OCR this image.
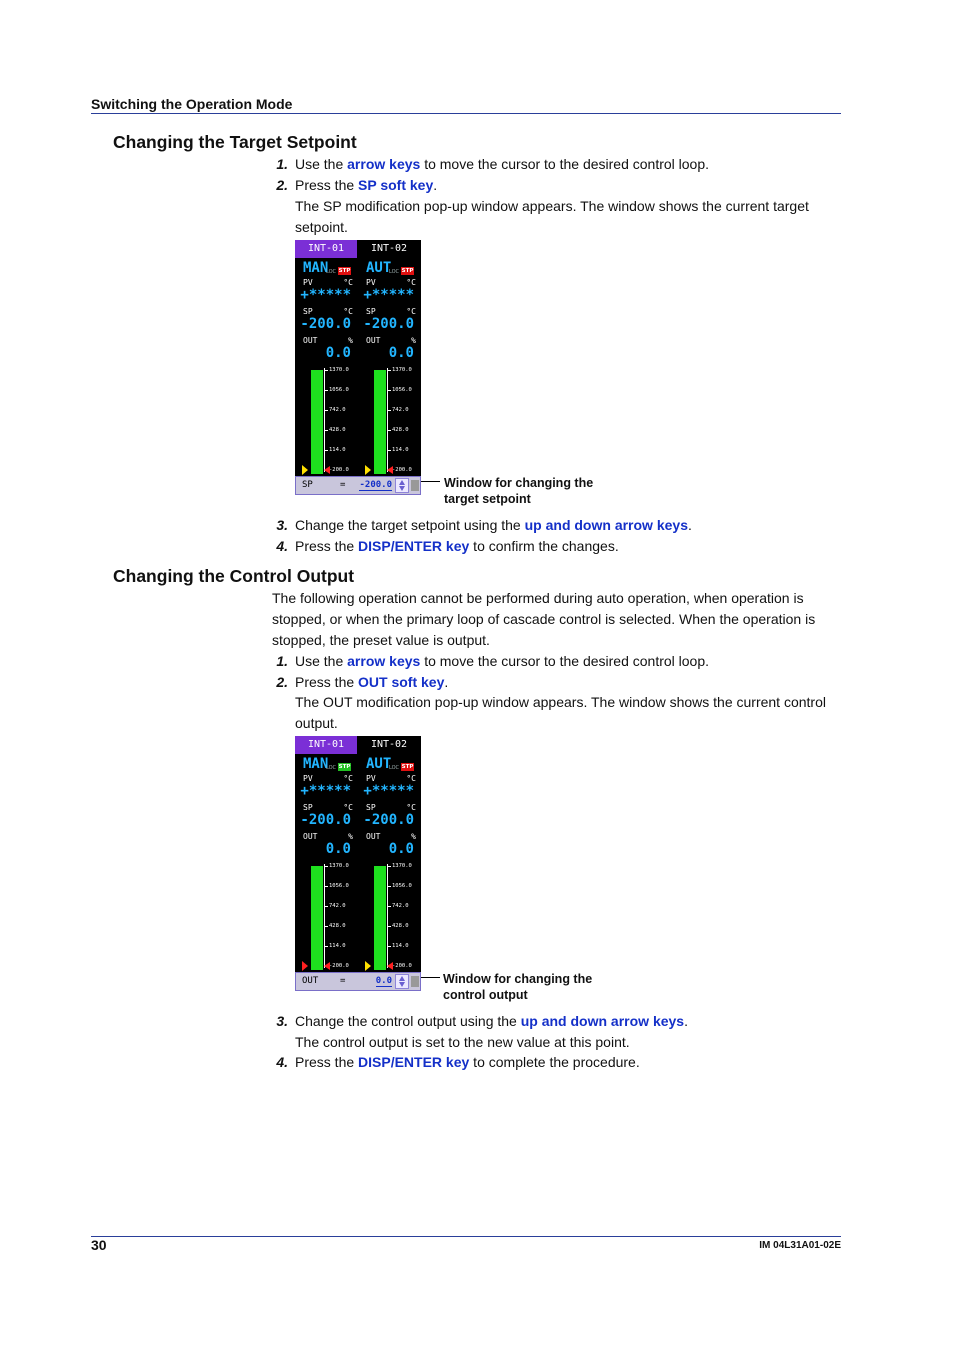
Switching the Operation Mode
Changing the Target Setpoint
1. Use the arrow keys to move the cursor to the desired control loop.
2. Press the SP soft key.
The SP modification pop-up window appears. The window shows the current target setpoint.
INT-01
MAN
LOC STP
PV	°C
+*****
SP	°C
-200.0
OUT	%
0.0
1370.0
1056.0
742.0
428.0
114.0
-200.0
INT-02
AUT
LOC STP
PV	°C
+*****
SP	°C
-200.0
OUT	%
0.0
1370.0
1056.0
742.0
428.0
114.0
-200.0
SP	= -200.0	Window for changing the
target setpoint
3. Change the target setpoint using the up and down arrow keys.
4. Press the DISP/ENTER key to confirm the changes.
Changing the Control Output
The following operation cannot be performed during auto operation, when operation is stopped, or when the primary loop of cascade control is selected. When the operation is stopped, the preset value is output.
1. Use the arrow keys to move the cursor to the desired control loop.
2. Press the OUT soft key.
The OUT modification pop-up window appears. The window shows the current control output.
INT-01
MAN
LOC STP
PV	°C
+*****
SP	°C
-200.0
OUT	%
0.0
1370.0
1056.0
742.0
428.0
114.0
-200.0
INT-02
AUT
LOC STP
PV	°C
+*****
SP	°C
-200.0
OUT	%
0.0
1370.0
1056.0
742.0
428.0
114.0
-200.0
OUT =	0.0	Window for changing the
control output
3. Change the control output using the up and down arrow keys.
The control output is set to the new value at this point.
4. Press the DISP/ENTER key to complete the procedure.
30	IM 04L31A01-02E
